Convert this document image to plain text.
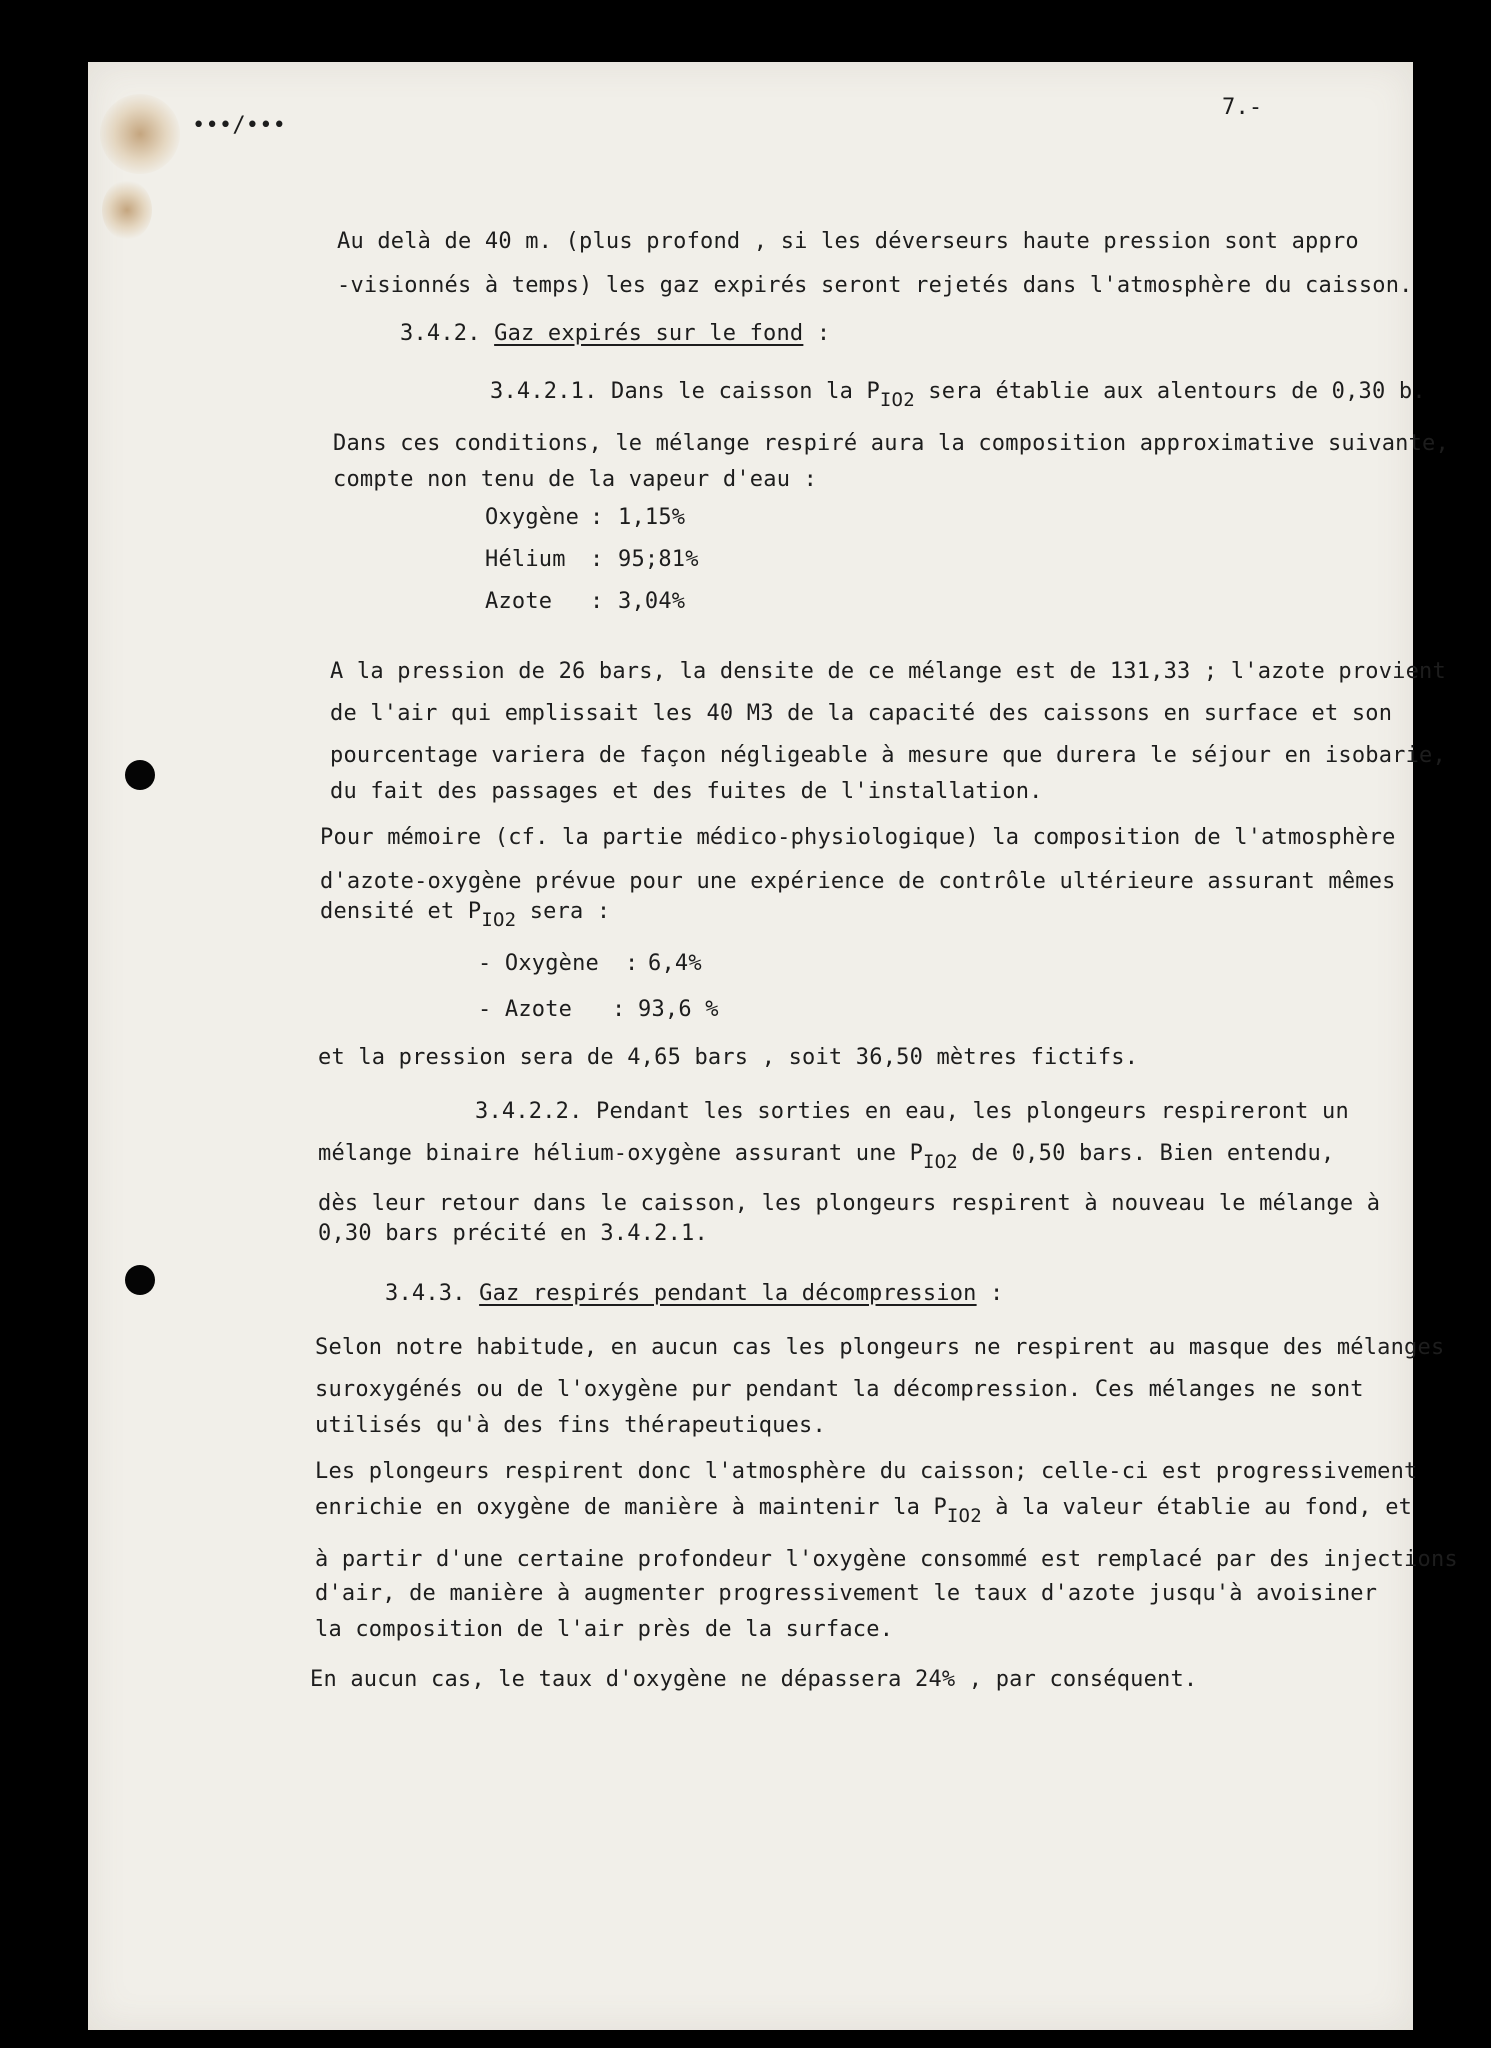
•••/•••
7.-
Au delà de 40 m. (plus profond , si les déverseurs haute pression sont appro
-visionnés à temps) les gaz expirés seront rejetés dans l'atmosphère du caisson.
3.4.2. Gaz expirés sur le fond :
3.4.2.1. Dans le caisson la PIO2 sera établie aux alentours de 0,30 b.
Dans ces conditions, le mélange respiré aura la composition approximative suivante,
compte non tenu de la vapeur d'eau :
Oxygène : 1,15%
Hélium : 95;81%
Azote : 3,04%
A la pression de 26 bars, la densite de ce mélange est de 131,33 ; l'azote provient
de l'air qui emplissait les 40 M3 de la capacité des caissons en surface et son
pourcentage variera de façon négligeable à mesure que durera le séjour en isobarie,
du fait des passages et des fuites de l'installation.
Pour mémoire (cf. la partie médico-physiologique) la composition de l'atmosphère
d'azote-oxygène prévue pour une expérience de contrôle ultérieure assurant mêmes
densité et PIO2 sera :
- Oxygène : 6,4%
- Azote : 93,6 %
et la pression sera de 4,65 bars , soit 36,50 mètres fictifs.
3.4.2.2. Pendant les sorties en eau, les plongeurs respireront un
mélange binaire hélium-oxygène assurant une PIO2 de 0,50 bars. Bien entendu,
dès leur retour dans le caisson, les plongeurs respirent à nouveau le mélange à
0,30 bars précité en 3.4.2.1.
3.4.3. Gaz respirés pendant la décompression :
Selon notre habitude, en aucun cas les plongeurs ne respirent au masque des mélanges
suroxygénés ou de l'oxygène pur pendant la décompression. Ces mélanges ne sont
utilisés qu'à des fins thérapeutiques.
Les plongeurs respirent donc l'atmosphère du caisson; celle-ci est progressivement
enrichie en oxygène de manière à maintenir la PIO2 à la valeur établie au fond, et
à partir d'une certaine profondeur l'oxygène consommé est remplacé par des injections
d'air, de manière à augmenter progressivement le taux d'azote jusqu'à avoisiner
la composition de l'air près de la surface.
En aucun cas, le taux d'oxygène ne dépassera 24% , par conséquent.
